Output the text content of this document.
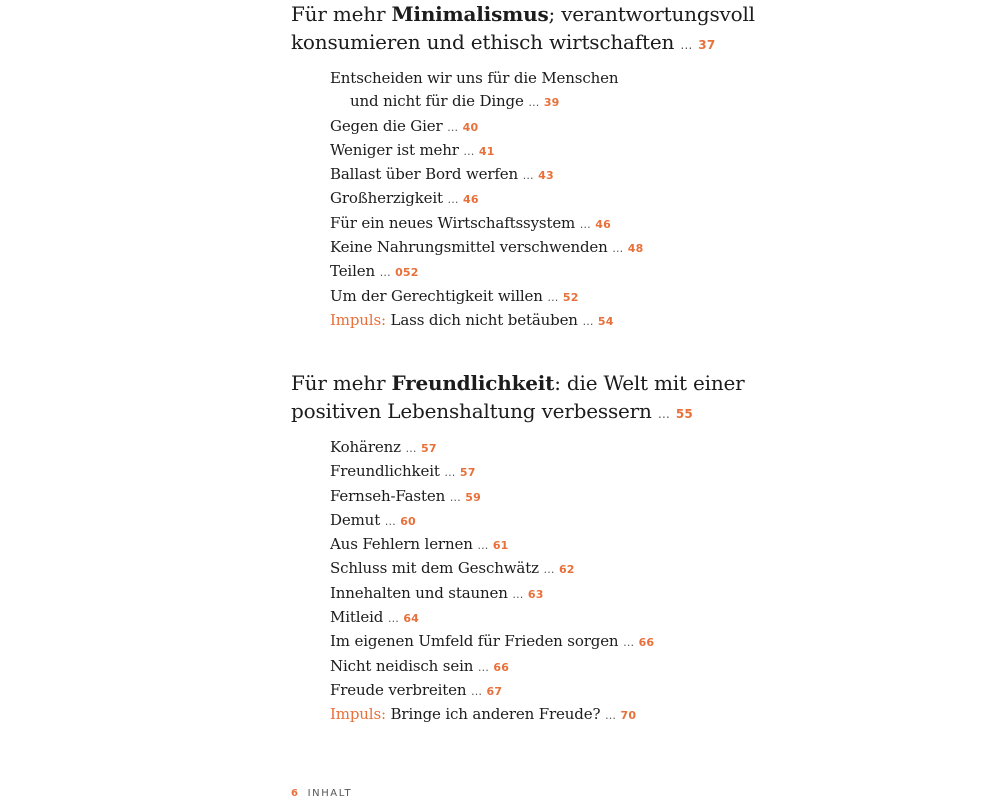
Für mehr Minimalismus; verantwortungsvoll
konsumieren und ethisch wirtschaften … 37
Entscheiden wir uns für die Menschen
und nicht für die Dinge … 39
Gegen die Gier … 40
Weniger ist mehr … 41
Ballast über Bord werfen … 43
Großherzigkeit … 46
Für ein neues Wirtschaftssystem … 46
Keine Nahrungsmittel verschwenden … 48
Teilen … 052
Um der Gerechtigkeit willen … 52
Impuls: Lass dich nicht betäuben … 54
Für mehr Freundlichkeit: die Welt mit einer
positiven Lebenshaltung verbessern … 55
Kohärenz … 57
Freundlichkeit … 57
Fernseh-Fasten … 59
Demut … 60
Aus Fehlern lernen … 61
Schluss mit dem Geschwätz … 62
Innehalten und staunen … 63
Mitleid … 64
Im eigenen Umfeld für Frieden sorgen … 66
Nicht neidisch sein … 66
Freude verbreiten … 67
Impuls: Bringe ich anderen Freude? … 70
6 INHALT
